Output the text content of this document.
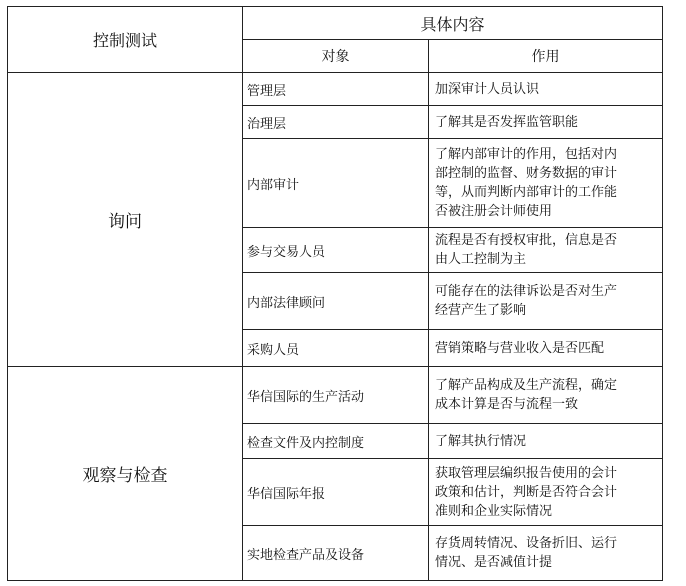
控制测试	具体内容	
	对象	作用
询问	管理层	加深审计人员认识
	治理层	了解其是否发挥监管职能
	内部审计	了解内部审计的作用，包括对内
部控制的监督、财务数据的审计
等，从而判断内部审计的工作能
否被注册会计师使用

	参与交易人员	流程是否有授权审批，信息是否
由人工控制为主

	内部法律顾问	可能存在的法律诉讼是否对生产
经营产生了影响

	采购人员	营销策略与营业收入是否匹配
观察与检查	华信国际的生产活动	了解产品构成及生产流程，确定
成本计算是否与流程一致

	检查文件及内控制度	了解其执行情况
	华信国际年报	获取管理层编织报告使用的会计
政策和估计，判断是否符合会计
准则和企业实际情况

	实地检查产品及设备	存货周转情况、设备折旧、运行
情况、是否减值计提
